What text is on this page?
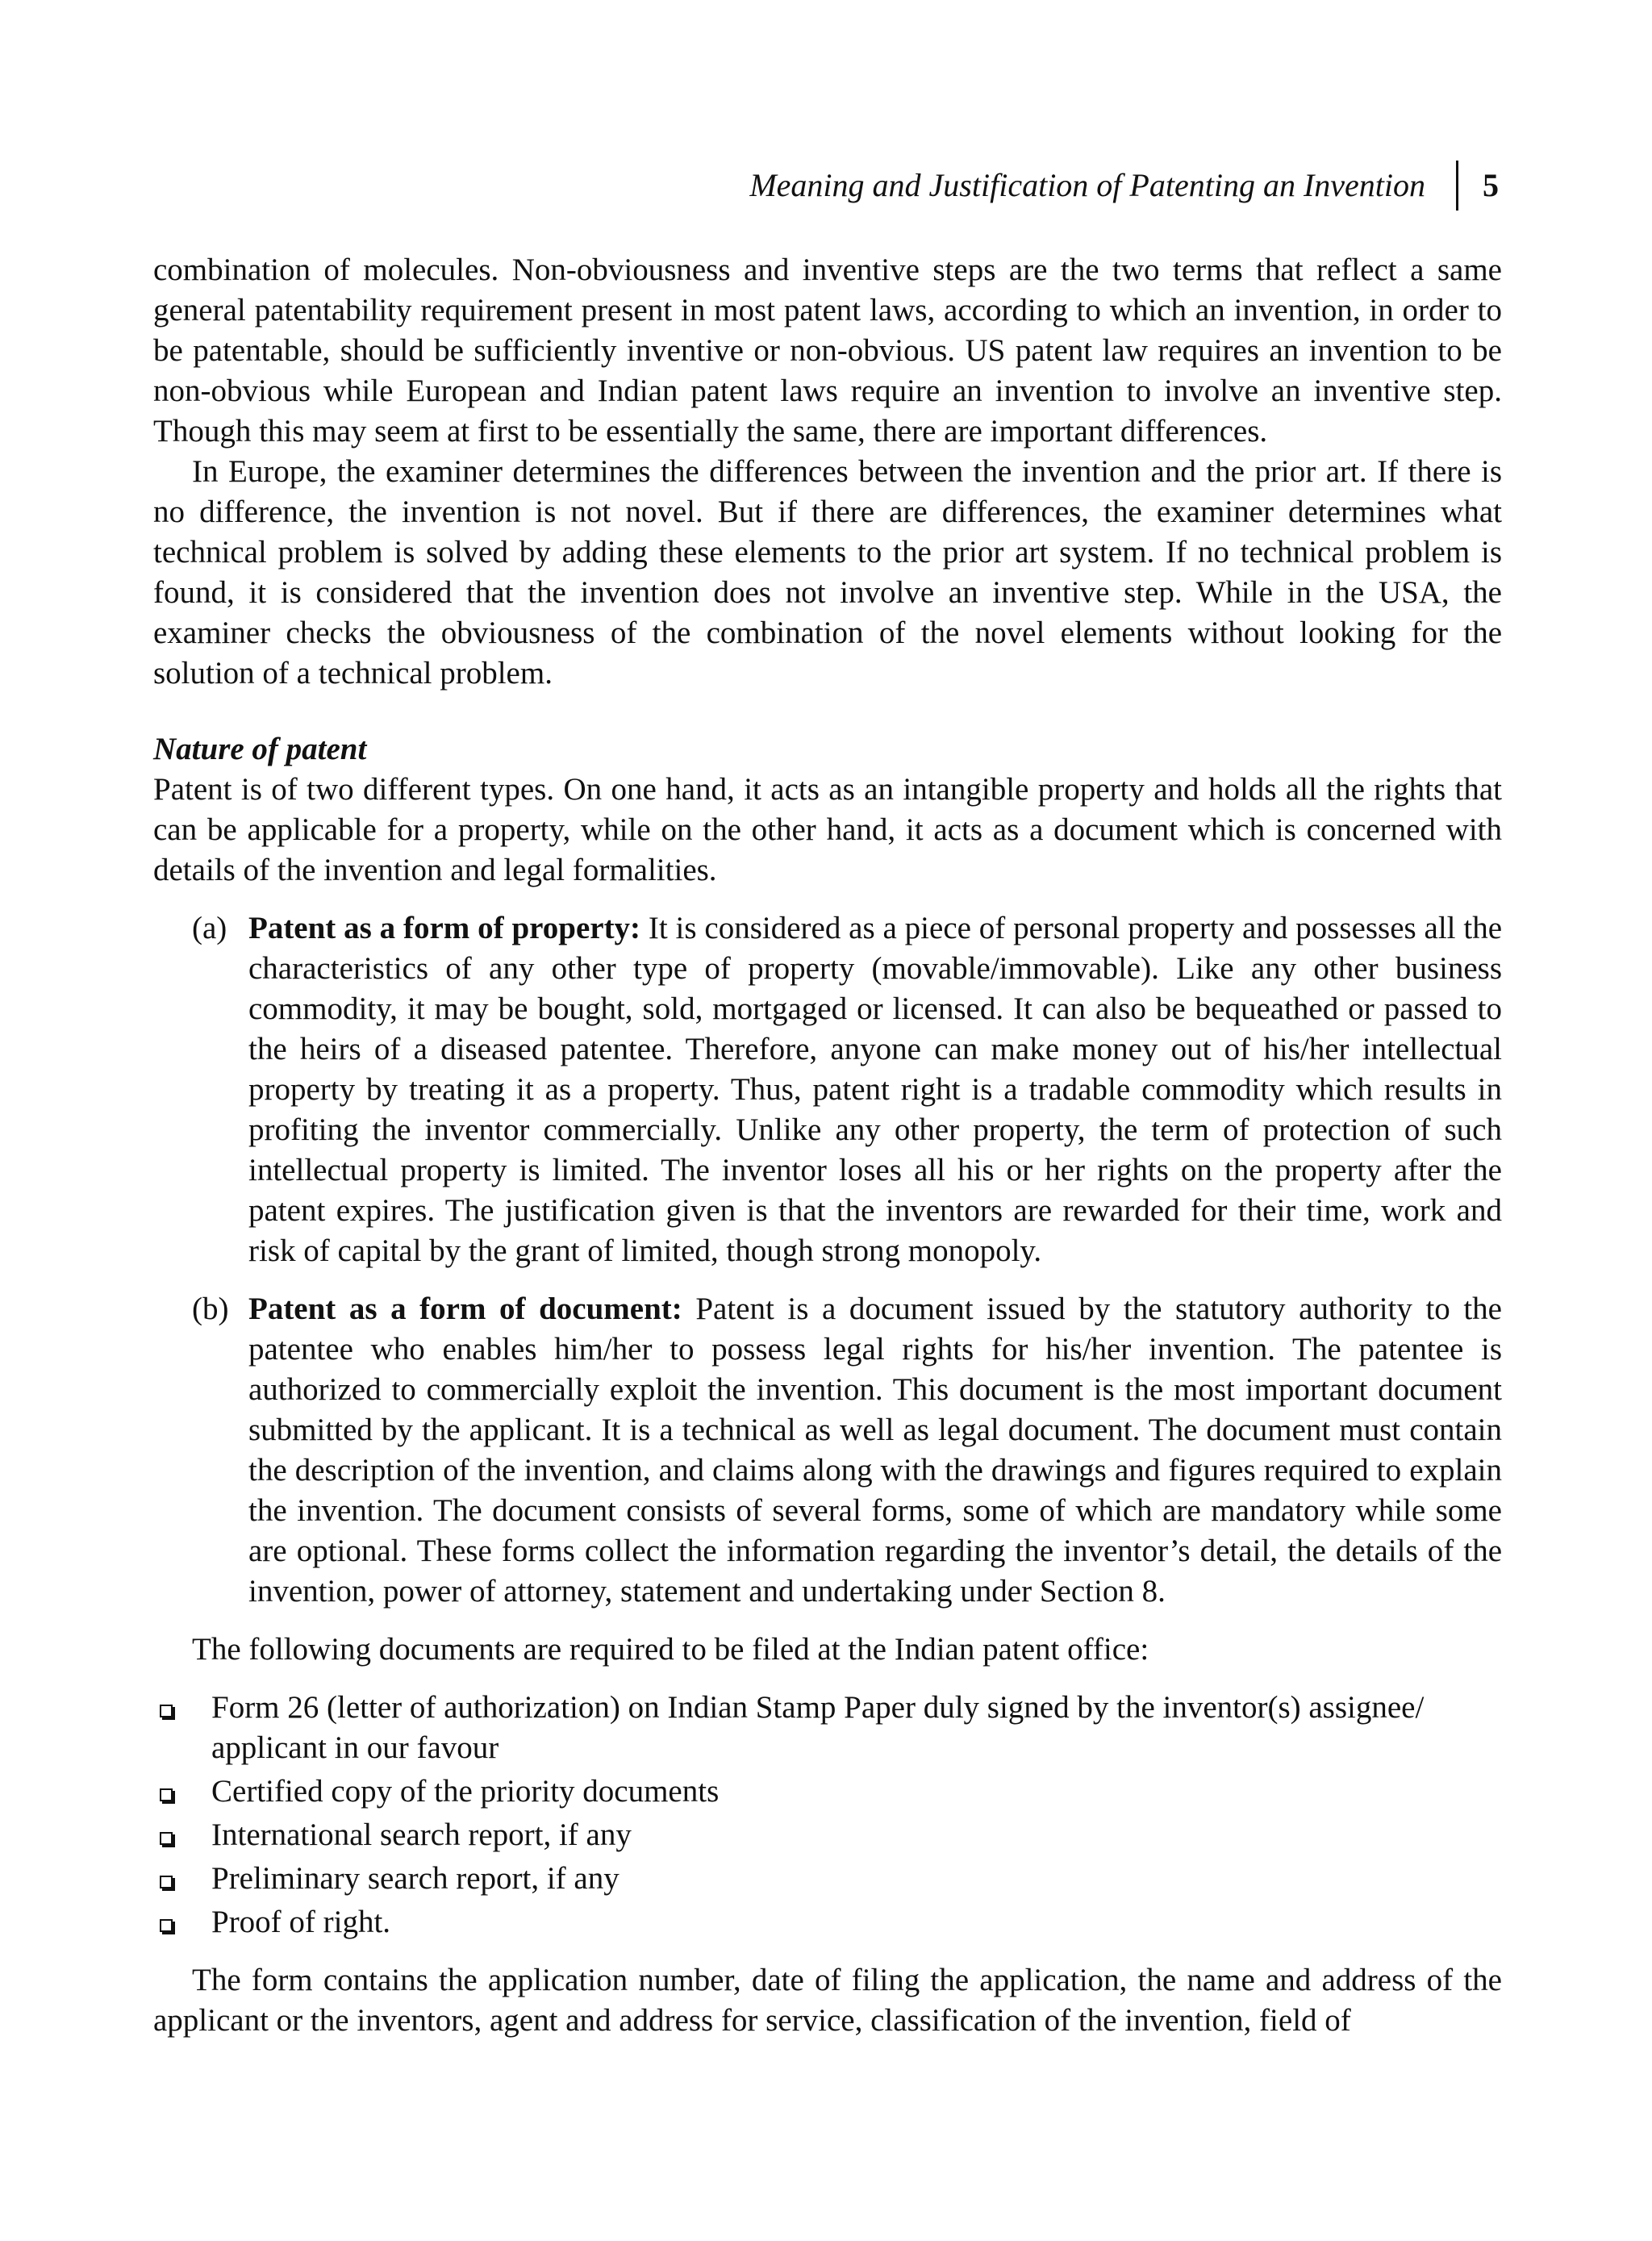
Meaning and Justification of Patenting an Invention 5

combination of molecules. Non-obviousness and inventive steps are the two terms that reflect a same general patentability requirement present in most patent laws, according to which an invention, in order to be patentable, should be sufficiently inventive or non-obvious. US patent law requires an invention to be non-obvious while European and Indian patent laws require an invention to involve an inventive step. Though this may seem at first to be essentially the same, there are important differences.

In Europe, the examiner determines the differences between the invention and the prior art. If there is no difference, the invention is not novel. But if there are differences, the examiner determines what technical problem is solved by adding these elements to the prior art system. If no technical problem is found, it is considered that the invention does not involve an inventive step. While in the USA, the examiner checks the obviousness of the combination of the novel elements without looking for the solution of a technical problem.

Nature of patent

Patent is of two different types. On one hand, it acts as an intangible property and holds all the rights that can be applicable for a property, while on the other hand, it acts as a document which is concerned with details of the invention and legal formalities.

(a) Patent as a form of property: It is considered as a piece of personal property and possesses all the characteristics of any other type of property (movable/immovable). Like any other business commodity, it may be bought, sold, mortgaged or licensed. It can also be bequeathed or passed to the heirs of a diseased patentee. Therefore, anyone can make money out of his/her intellectual property by treating it as a property. Thus, patent right is a tradable commodity which results in profiting the inventor commercially. Unlike any other property, the term of protection of such intellectual property is limited. The inventor loses all his or her rights on the property after the patent expires. The justification given is that the inventors are rewarded for their time, work and risk of capital by the grant of limited, though strong monopoly.
(b) Patent as a form of document: Patent is a document issued by the statutory authority to the patentee who enables him/her to possess legal rights for his/her invention. The patentee is authorized to commercially exploit the invention. This document is the most important document submitted by the applicant. It is a technical as well as legal document. The document must contain the description of the invention, and claims along with the drawings and figures required to explain the invention. The document consists of several forms, some of which are mandatory while some are optional. These forms collect the information regarding the inventor’s detail, the details of the invention, power of attorney, statement and undertaking under Section 8.

The following documents are required to be filed at the Indian patent office:

Form 26 (letter of authorization) on Indian Stamp Paper duly signed by the inventor(s) assignee/ applicant in our favour
Certified copy of the priority documents
International search report, if any
Preliminary search report, if any
Proof of right.

The form contains the application number, date of filing the application, the name and address of the applicant or the inventors, agent and address for service, classification of the invention, field of
